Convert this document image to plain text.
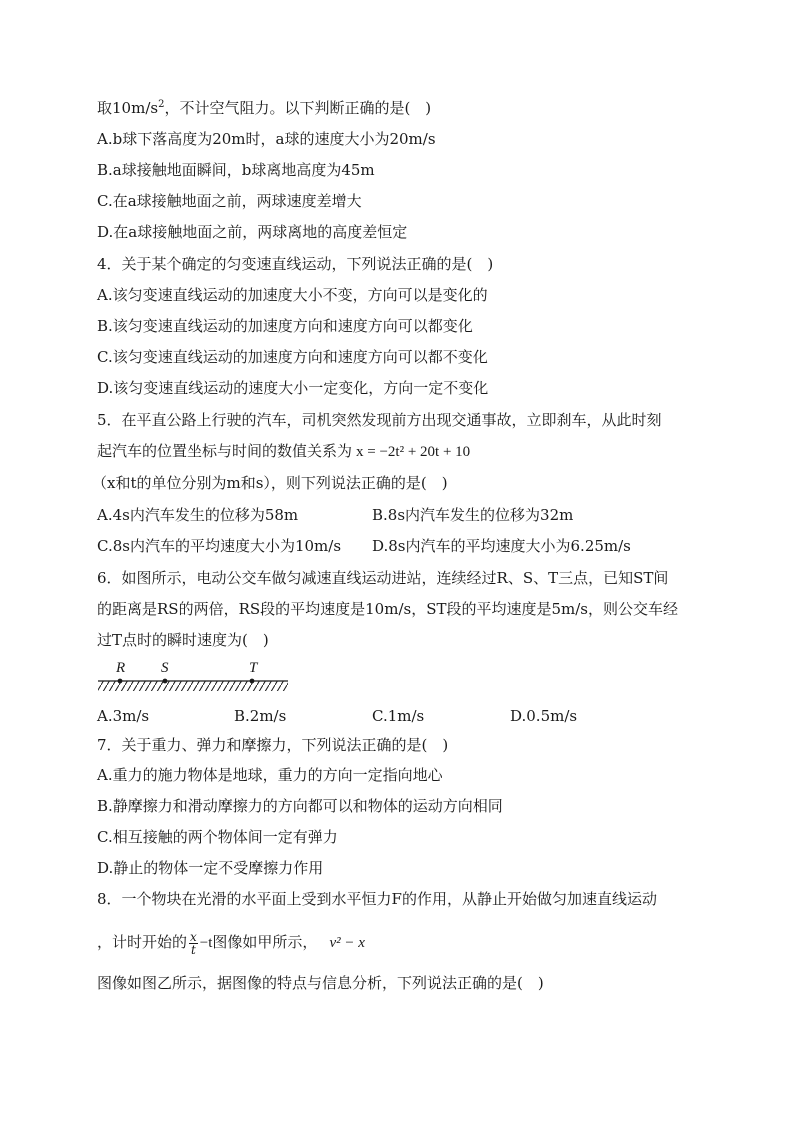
取$10m/s^2$，不计空气阻力。以下判断正确的是(　)
A.b球下落高度为20m时，a球的速度大小为20m/s
B.a球接触地面瞬间，b球离地高度为45m
C.在a球接触地面之前，两球速度差增大
D.在a球接触地面之前，两球离地的高度差恒定
4．关于某个确定的匀变速直线运动，下列说法正确的是(　)
A.该匀变速直线运动的加速度大小不变，方向可以是变化的
B.该匀变速直线运动的加速度方向和速度方向可以都变化
C.该匀变速直线运动的加速度方向和速度方向可以都不变化
D.该匀变速直线运动的速度大小一定变化，方向一定不变化
5．在平直公路上行驶的汽车，司机突然发现前方出现交通事故，立即刹车，从此时刻
起汽车的位置坐标与时间的数值关系为 x = −2t² + 20t + 10
（x和t的单位分别为m和s），则下列说法正确的是(　)
A.4s内汽车发生的位移为58m	B.8s内汽车发生的位移为32m
C.8s内汽车的平均速度大小为10m/s D.8s内汽车的平均速度大小为6.25m/s
6．如图所示，电动公交车做匀减速直线运动进站，连续经过R、S、T三点，已知ST间
的距离是RS的两倍，RS段的平均速度是10m/s，ST段的平均速度是5m/s，则公交车经
过T点时的瞬时速度为(　)
R S	T
A.3m/s	B.2m/s	C.1m/s	D.0.5m/s
7．关于重力、弹力和摩擦力，下列说法正确的是(　)
A.重力的施力物体是地球，重力的方向一定指向地心
B.静摩擦力和滑动摩擦力的方向都可以和物体的运动方向相同
C.相互接触的两个物体间一定有弹力
D.静止的物体一定不受摩擦力作用
8．一个物块在光滑的水平面上受到水平恒力F的作用，从静止开始做匀加速直线运动
，计时开始的 $\frac{x}{t} -t$图像如甲所示， v² − x
图像如图乙所示，据图像的特点与信息分析，下列说法正确的是(　)
